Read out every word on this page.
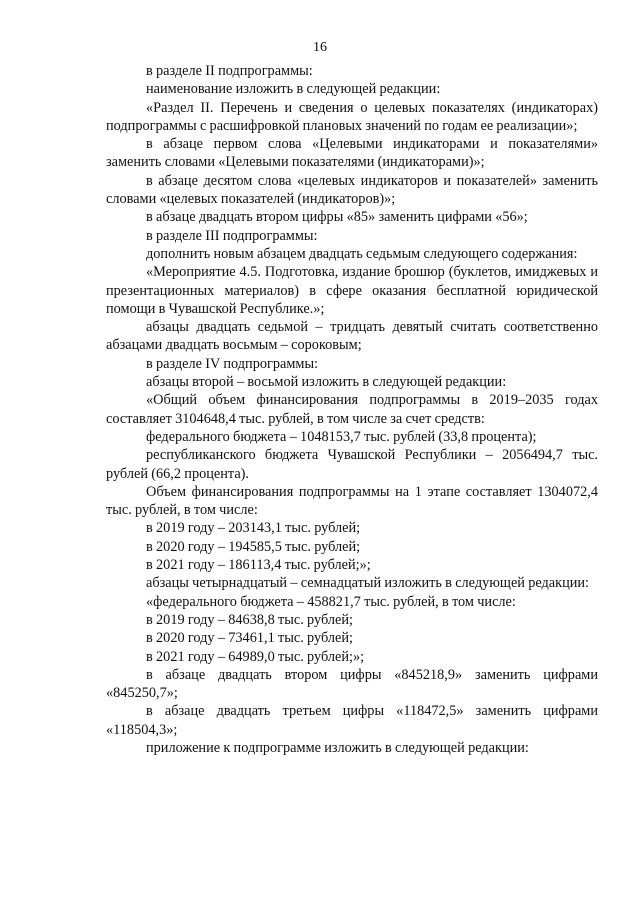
16

в разделе II подпрограммы:

наименование изложить в следующей редакции:

«Раздел II. Перечень и сведения о целевых показателях (индикаторах) подпрограммы с расшифровкой плановых значений по годам ее реализации»;

в абзаце первом слова «Целевыми индикаторами и показателями» заменить словами «Целевыми показателями (индикаторами)»;

в абзаце десятом слова «целевых индикаторов и показателей» заменить словами «целевых показателей (индикаторов)»;

в абзаце двадцать втором цифры «85» заменить цифрами «56»;

в разделе III подпрограммы:

дополнить новым абзацем двадцать седьмым следующего содержания:

«Мероприятие 4.5. Подготовка, издание брошюр (буклетов, имиджевых и презентационных материалов) в сфере оказания бесплатной юридической помощи в Чувашской Республике.»;

абзацы двадцать седьмой – тридцать девятый считать соответственно абзацами двадцать восьмым – сороковым;

в разделе IV подпрограммы:

абзацы второй – восьмой изложить в следующей редакции:

«Общий объем финансирования подпрограммы в 2019–2035 годах составляет 3104648,4 тыс. рублей, в том числе за счет средств:

федерального бюджета – 1048153,7 тыс. рублей (33,8 процента);

республиканского бюджета Чувашской Республики – 2056494,7 тыс. рублей (66,2 процента).

Объем финансирования подпрограммы на 1 этапе составляет 1304072,4 тыс. рублей, в том числе:

в 2019 году – 203143,1 тыс. рублей;

в 2020 году – 194585,5 тыс. рублей;

в 2021 году – 186113,4 тыс. рублей;»;

абзацы четырнадцатый – семнадцатый изложить в следующей редакции:

«федерального бюджета – 458821,7 тыс. рублей, в том числе:

в 2019 году – 84638,8 тыс. рублей;

в 2020 году – 73461,1 тыс. рублей;

в 2021 году – 64989,0 тыс. рублей;»;

в абзаце двадцать втором цифры «845218,9» заменить цифрами «845250,7»;

в абзаце двадцать третьем цифры «118472,5» заменить цифрами «118504,3»;

приложение к подпрограмме изложить в следующей редакции:
